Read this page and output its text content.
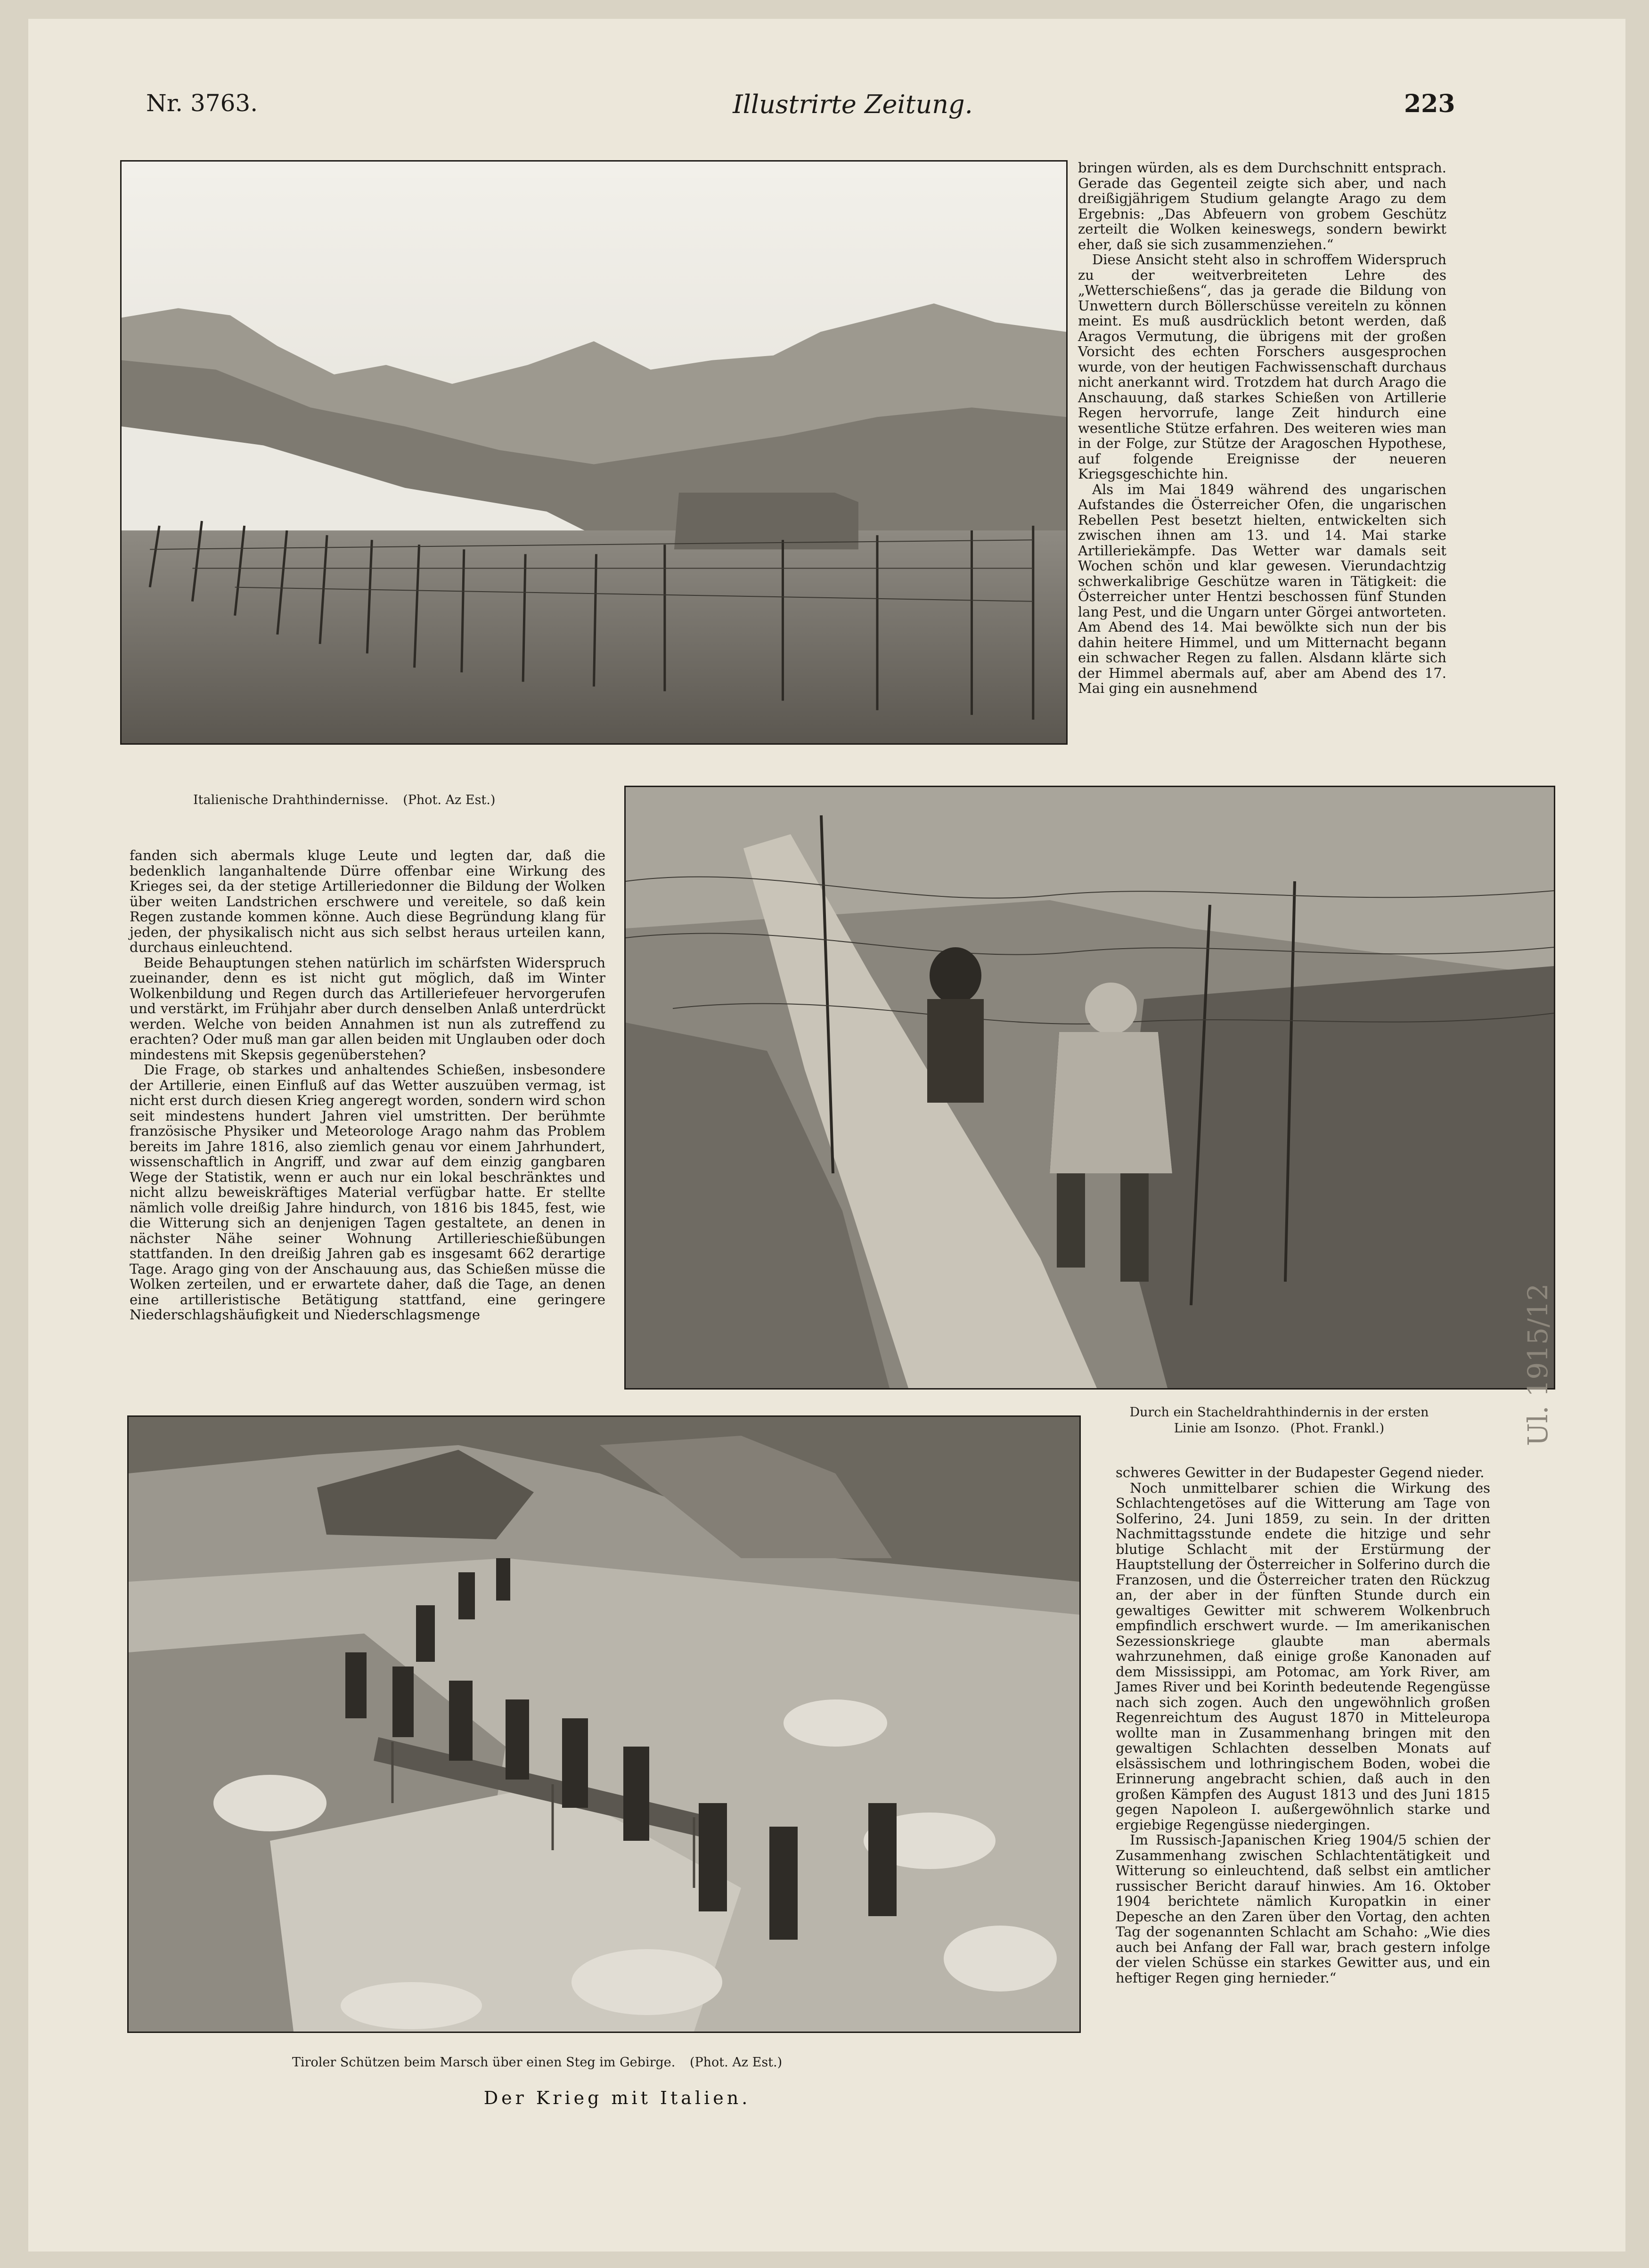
Nr. 3763.	Illustrirte Zeitung.	223
Italienische Drahthindernisse. (Phot. Az Est.)

bringen würden, als es dem Durchschnitt entsprach. Gerade das Gegenteil zeigte sich aber, und nach dreißigjährigem Studium gelangte Arago zu dem Ergebnis: „Das Abfeuern von grobem Geschütz zerteilt die Wolken keineswegs, sondern bewirkt eher, daß sie sich zusammenziehen.“

Diese Ansicht steht also in schroffem Widerspruch zu der weitverbreiteten Lehre des „Wetterschießens“, das ja gerade die Bildung von Unwettern durch Böllerschüsse vereiteln zu können meint. Es muß ausdrücklich betont werden, daß Aragos Vermutung, die übrigens mit der großen Vorsicht des echten Forschers ausgesprochen wurde, von der heutigen Fachwissenschaft durchaus nicht anerkannt wird. Trotzdem hat durch Arago die Anschauung, daß starkes Schießen von Artillerie Regen hervorrufe, lange Zeit hindurch eine wesentliche Stütze erfahren. Des weiteren wies man in der Folge, zur Stütze der Aragoschen Hypothese, auf folgende Ereignisse der neueren Kriegsgeschichte hin.

Als im Mai 1849 während des ungarischen Aufstandes die Österreicher Ofen, die ungarischen Rebellen Pest besetzt hielten, entwickelten sich zwischen ihnen am 13. und 14. Mai starke Artilleriekämpfe. Das Wetter war damals seit Wochen schön und klar gewesen. Vierundachtzig schwerkalibrige Geschütze waren in Tätigkeit: die Österreicher unter Hentzi beschossen fünf Stunden lang Pest, und die Ungarn unter Görgei antworteten. Am Abend des 14. Mai bewölkte sich nun der bis dahin heitere Himmel, und um Mitternacht begann ein schwacher Regen zu fallen. Alsdann klärte sich der Himmel abermals auf, aber am Abend des 17. Mai ging ein ausnehmend

fanden sich abermals kluge Leute und legten dar, daß die bedenklich langanhaltende Dürre offenbar eine Wirkung des Krieges sei, da der stetige Artilleriedonner die Bildung der Wolken über weiten Landstrichen erschwere und vereitele, so daß kein Regen zustande kommen könne. Auch diese Begründung klang für jeden, der physikalisch nicht aus sich selbst heraus urteilen kann, durchaus einleuchtend.

Beide Behauptungen stehen natürlich im schärfsten Widerspruch zueinander, denn es ist nicht gut möglich, daß im Winter Wolkenbildung und Regen durch das Artilleriefeuer hervorgerufen und verstärkt, im Frühjahr aber durch denselben Anlaß unterdrückt werden. Welche von beiden Annahmen ist nun als zutreffend zu erachten? Oder muß man gar allen beiden mit Unglauben oder doch mindestens mit Skepsis gegenüberstehen?

Die Frage, ob starkes und anhaltendes Schießen, insbesondere der Artillerie, einen Einfluß auf das Wetter auszuüben vermag, ist nicht erst durch diesen Krieg angeregt worden, sondern wird schon seit mindestens hundert Jahren viel umstritten. Der berühmte französische Physiker und Meteorologe Arago nahm das Problem bereits im Jahre 1816, also ziemlich genau vor einem Jahrhundert, wissenschaftlich in Angriff, und zwar auf dem einzig gangbaren Wege der Statistik, wenn er auch nur ein lokal beschränktes und nicht allzu beweiskräftiges Material verfügbar hatte. Er stellte nämlich volle dreißig Jahre hindurch, von 1816 bis 1845, fest, wie die Witterung sich an denjenigen Tagen gestaltete, an denen in nächster Nähe seiner Wohnung Artillerieschießübungen stattfanden. In den dreißig Jahren gab es insgesamt 662 derartige Tage. Arago ging von der Anschauung aus, das Schießen müsse die Wolken zerteilen, und er erwartete daher, daß die Tage, an denen eine artilleristische Betätigung stattfand, eine geringere Niederschlagshäufigkeit und Niederschlagsmenge

Tiroler Schützen beim Marsch über einen Steg im Gebirge. (Phot. Az Est.)
Der Krieg mit Italien.
Durch ein Stacheldrahthindernis in der ersten Linie am Isonzo. (Phot. Frankl.)

schweres Gewitter in der Budapester Gegend nieder.

Noch unmittelbarer schien die Wirkung des Schlachtengetöses auf die Witterung am Tage von Solferino, 24. Juni 1859, zu sein. In der dritten Nachmittagsstunde endete die hitzige und sehr blutige Schlacht mit der Erstürmung der Hauptstellung der Österreicher in Solferino durch die Franzosen, und die Österreicher traten den Rückzug an, der aber in der fünften Stunde durch ein gewaltiges Gewitter mit schwerem Wolkenbruch empfindlich erschwert wurde. — Im amerikanischen Sezessionskriege glaubte man abermals wahrzunehmen, daß einige große Kanonaden auf dem Mississippi, am Potomac, am York River, am James River und bei Korinth bedeutende Regengüsse nach sich zogen. Auch den ungewöhnlich großen Regenreichtum des August 1870 in Mitteleuropa wollte man in Zusammenhang bringen mit den gewaltigen Schlachten desselben Monats auf elsässischem und lothringischem Boden, wobei die Erinnerung angebracht schien, daß auch in den großen Kämpfen des August 1813 und des Juni 1815 gegen Napoleon I. außergewöhnlich starke und ergiebige Regengüsse niedergingen.

Im Russisch-Japanischen Krieg 1904/5 schien der Zusammenhang zwischen Schlachtentätigkeit und Witterung so einleuchtend, daß selbst ein amtlicher russischer Bericht darauf hinwies. Am 16. Oktober 1904 berichtete nämlich Kuropatkin in einer Depesche an den Zaren über den Vortag, den achten Tag der sogenannten Schlacht am Schaho: „Wie dies auch bei Anfang der Fall war, brach gestern infolge der vielen Schüsse ein starkes Gewitter aus, und ein heftiger Regen ging hernieder.“

Ul. 1915/12
